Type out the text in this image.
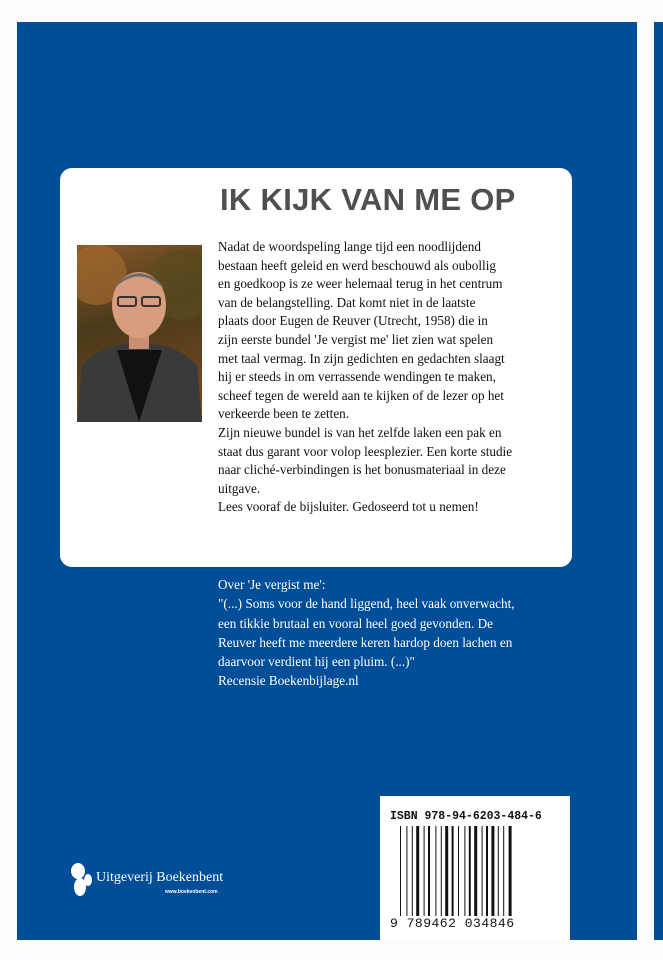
IK KIJK VAN ME OP
Nadat de woordspeling lange tijd een noodlijdend
bestaan heeft geleid en werd beschouwd als oubollig
en goedkoop is ze weer helemaal terug in het centrum
van de belangstelling. Dat komt niet in de laatste
plaats door Eugen de Reuver (Utrecht, 1958) die in
zijn eerste bundel 'Je vergist me' liet zien wat spelen
met taal vermag. In zijn gedichten en gedachten slaagt
hij er steeds in om verrassende wendingen te maken,
scheef tegen de wereld aan te kijken of de lezer op het
verkeerde been te zetten.
Zijn nieuwe bundel is van het zelfde laken een pak en
staat dus garant voor volop leesplezier. Een korte studie
naar cliché-verbindingen is het bonusmateriaal in deze
uitgave.
Lees vooraf de bijsluiter. Gedoseerd tot u nemen!
Over 'Je vergist me':
"(...) Soms voor de hand liggend, heel vaak onverwacht,
een tikkie brutaal en vooral heel goed gevonden. De
Reuver heeft me meerdere keren hardop doen lachen en
daarvoor verdient hij een pluim. (...)"
Recensie Boekenbijlage.nl
Uitgeverij Boekenbent
www.boekenbent.com
ISBN 978-94-6203-484-6
9 789462 034846
